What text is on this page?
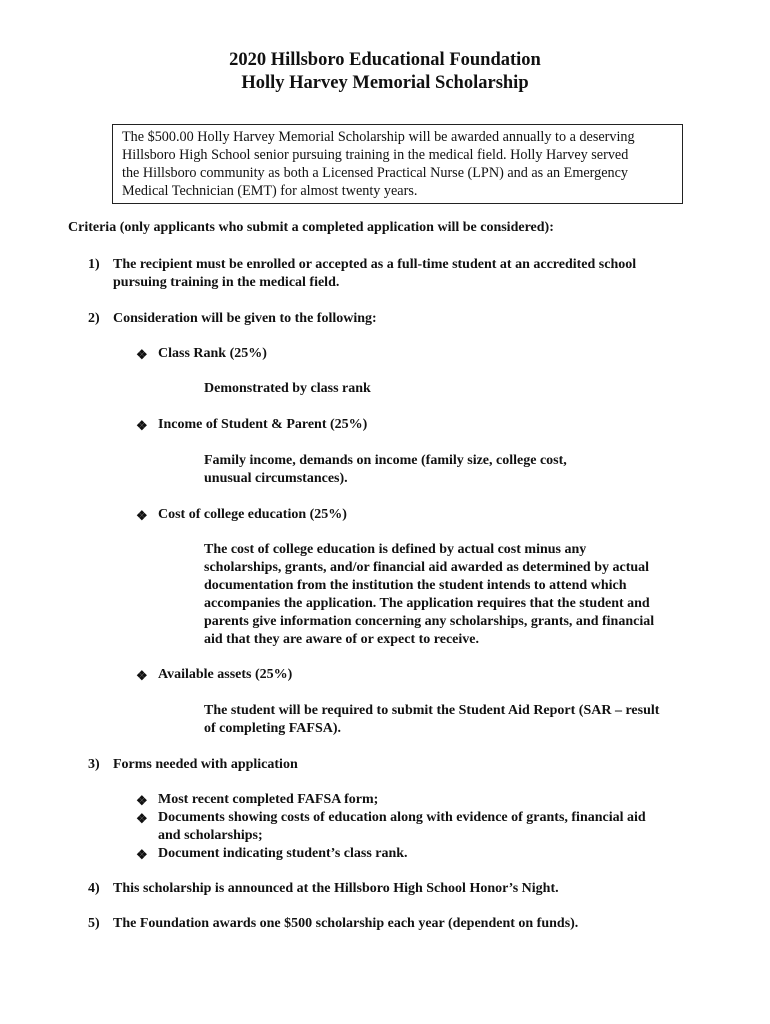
2020 Hillsboro Educational Foundation
Holly Harvey Memorial Scholarship
The $500.00 Holly Harvey Memorial Scholarship will be awarded annually to a deserving
Hillsboro High School senior pursuing training in the medical field. Holly Harvey served
the Hillsboro community as both a Licensed Practical Nurse (LPN) and as an Emergency
Medical Technician (EMT) for almost twenty years.
Criteria (only applicants who submit a completed application will be considered):
1) The recipient must be enrolled or accepted as a full-time student at an accredited school
pursuing training in the medical field.
2) Consideration will be given to the following:
❖ Class Rank (25%)
Demonstrated by class rank
❖ Income of Student & Parent (25%)
Family income, demands on income (family size, college cost,
unusual circumstances).
❖ Cost of college education (25%)
The cost of college education is defined by actual cost minus any
scholarships, grants, and/or financial aid awarded as determined by actual
documentation from the institution the student intends to attend which
accompanies the application. The application requires that the student and
parents give information concerning any scholarships, grants, and financial
aid that they are aware of or expect to receive.
❖ Available assets (25%)
The student will be required to submit the Student Aid Report (SAR – result
of completing FAFSA).
3) Forms needed with application
❖ Most recent completed FAFSA form;
❖ Documents showing costs of education along with evidence of grants, financial aid
and scholarships;
❖ Document indicating student’s class rank.
4) This scholarship is announced at the Hillsboro High School Honor’s Night.
5) The Foundation awards one $500 scholarship each year (dependent on funds).
